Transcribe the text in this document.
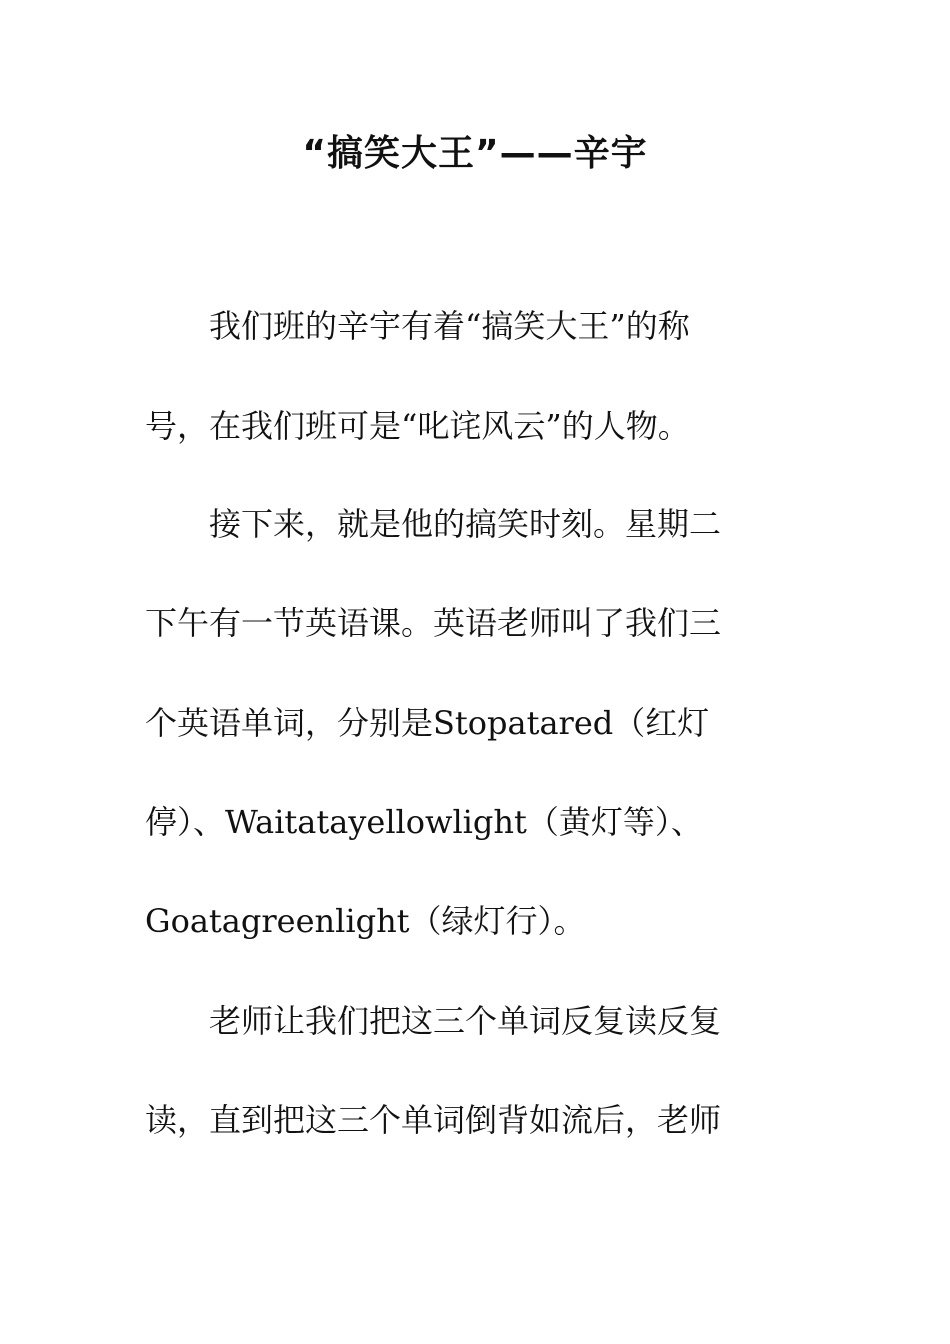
“搞笑大王”——辛宇

　　我们班的辛宇有着“搞笑大王”的称

号，在我们班可是“叱诧风云”的人物。

　　接下来，就是他的搞笑时刻。星期二

下午有一节英语课。英语老师叫了我们三

个英语单词，分别是Stopatared（红灯

停）、Waitatayellowlight（黄灯等）、

Goatagreenlight（绿灯行）。

　　老师让我们把这三个单词反复读反复

读，直到把这三个单词倒背如流后，老师
